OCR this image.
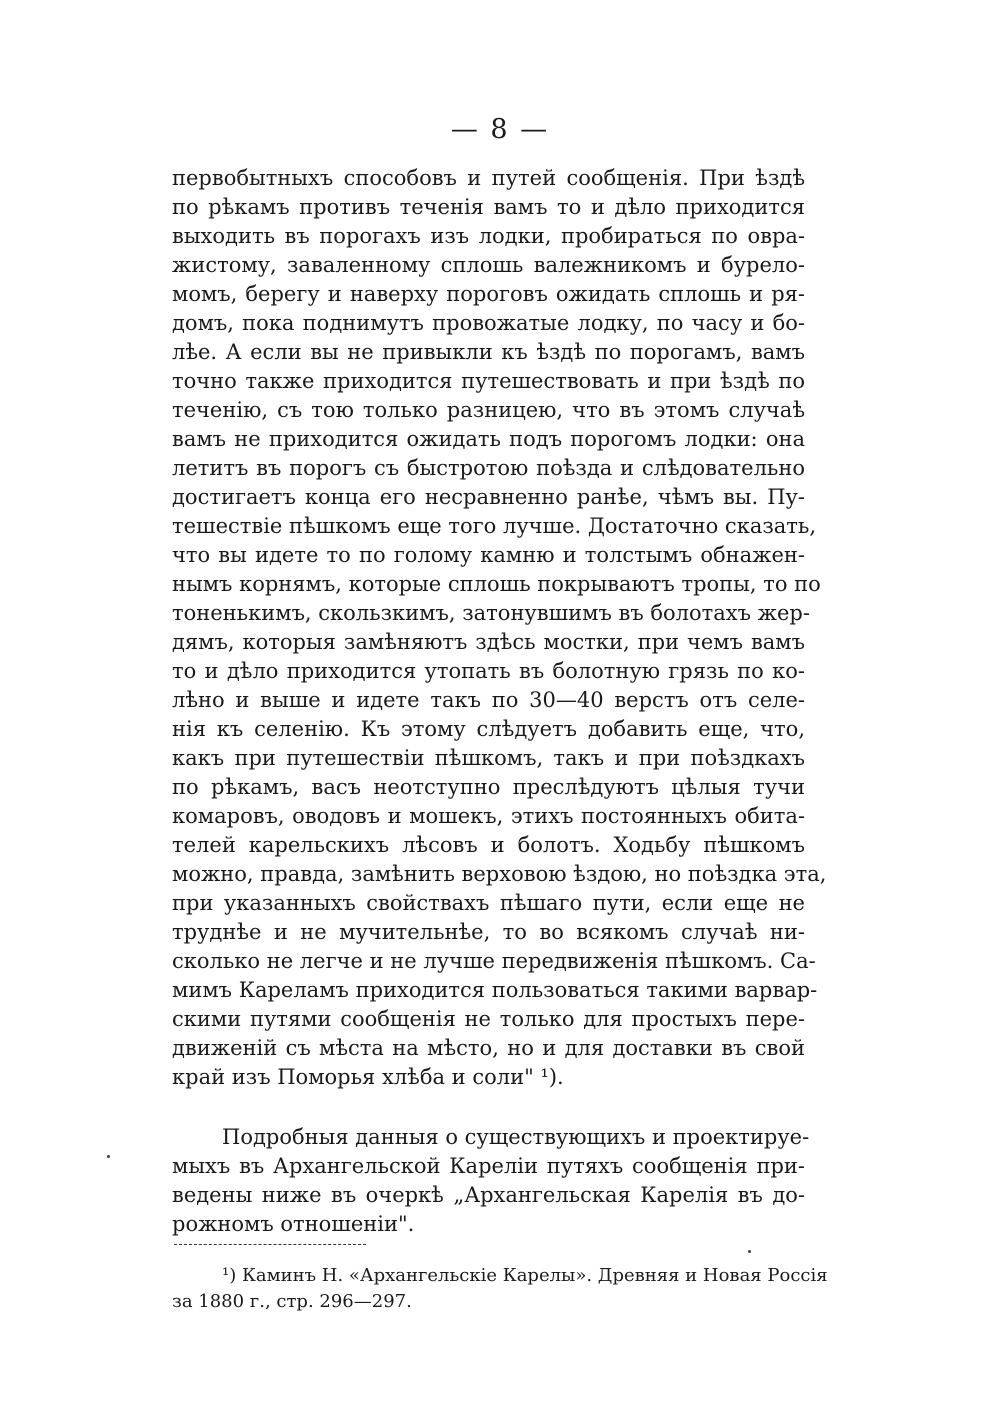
— 8 —
первобытныхъ способовъ и путей сообщенія. При ѣздѣ
по рѣкамъ противъ теченія вамъ то и дѣло приходится
выходить въ порогахъ изъ лодки, пробираться по овра-
жистому, заваленному сплошь валежникомъ и бурело-
момъ, берегу и наверху пороговъ ожидать сплошь и ря-
домъ, пока поднимутъ провожатые лодку, по часу и бо-
лѣе. А если вы не привыкли къ ѣздѣ по порогамъ, вамъ
точно также приходится путешествовать и при ѣздѣ по
теченію, съ тою только разницею, что въ этомъ случаѣ
вамъ не приходится ожидать подъ порогомъ лодки: она
летитъ въ порогъ съ быстротою поѣзда и слѣдовательно
достигаетъ конца его несравненно ранѣе, чѣмъ вы. Пу-
тешествіе пѣшкомъ еще того лучше. Достаточно сказать,
что вы идете то по голому камню и толстымъ обнажен-
нымъ корнямъ, которые сплошь покрываютъ тропы, то по
тоненькимъ, скользкимъ, затонувшимъ въ болотахъ жер-
дямъ, которыя замѣняютъ здѣсь мостки, при чемъ вамъ
то и дѣло приходится утопать въ болотную грязь по ко-
лѣно и выше и идете такъ по 30—40 верстъ отъ селе-
нія къ селенію. Къ этому слѣдуетъ добавить еще, что,
какъ при путешествіи пѣшкомъ, такъ и при поѣздкахъ
по рѣкамъ, васъ неотступно преслѣдуютъ цѣлыя тучи
комаровъ, оводовъ и мошекъ, этихъ постоянныхъ обита-
телей карельскихъ лѣсовъ и болотъ. Ходьбу пѣшкомъ
можно, правда, замѣнить верховою ѣздою, но поѣздка эта,
при указанныхъ свойствахъ пѣшаго пути, если еще не
труднѣе и не мучительнѣе, то во всякомъ случаѣ ни-
сколько не легче и не лучше передвиженія пѣшкомъ. Са-
мимъ Кареламъ приходится пользоваться такими варвар-
скими путями сообщенія не только для простыхъ пере-
движеній съ мѣста на мѣсто, но и для доставки въ свой
край изъ Поморья хлѣба и соли" ¹).
Подробныя данныя о существующихъ и проектируе-
мыхъ въ Архангельской Кареліи путяхъ сообщенія при-
ведены ниже въ очеркѣ „Архангельская Карелія въ до-
рожномъ отношеніи".
¹) Каминъ Н. «Архангельскіе Карелы». Древняя и Новая Россія
за 1880 г., стр. 296—297.
